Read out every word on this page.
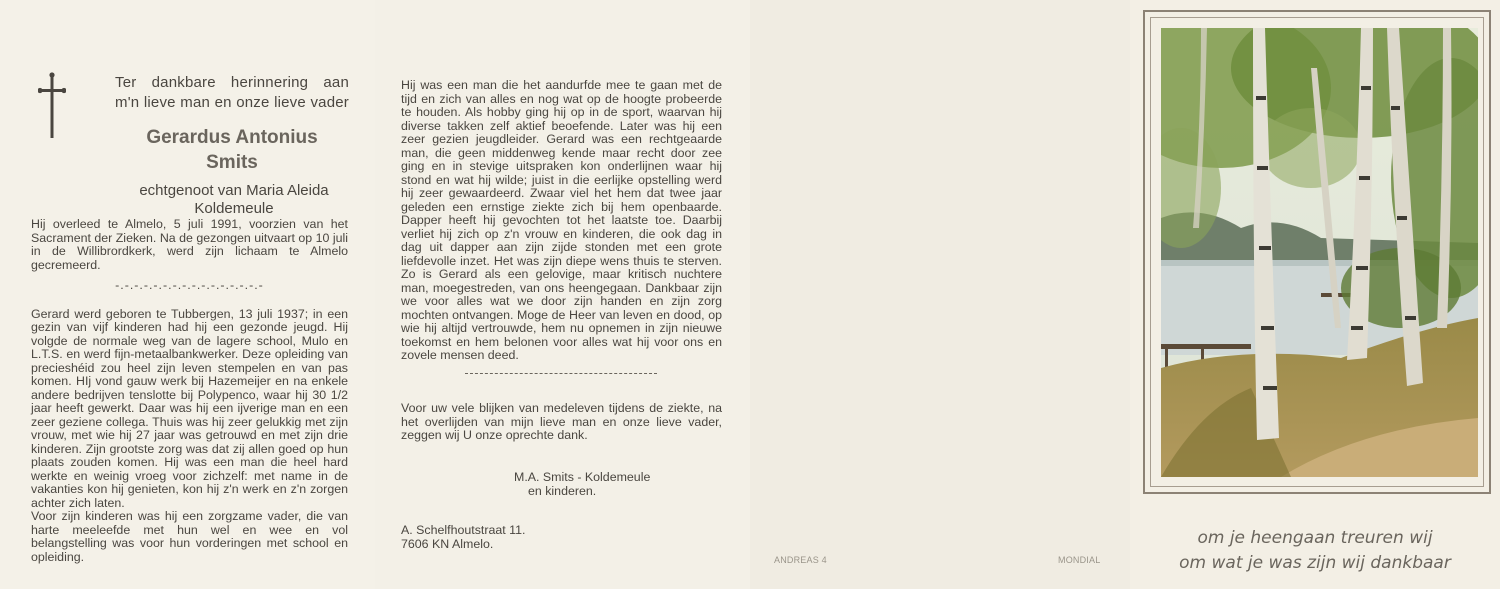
Ter dankbare herinnering aan
m'n lieve man en onze lieve vader
Gerardus Antonius
Smits
echtgenoot van Maria Aleida
Koldemeule

Hij overleed te Almelo, 5 juli 1991, voorzien van het Sacrament der Zieken. Na de gezongen uitvaart op 10 juli in de Willibrordkerk, werd zijn lichaam te Almelo gecremeerd.

-.-.-.-.-.-.-.-.-.-.-.-.-.-.-.-

Gerard werd geboren te Tubbergen, 13 juli 1937; in een gezin van vijf kinderen had hij een gezonde jeugd. Hij volgde de normale weg van de lagere school, Mulo en L.T.S. en werd fijn-metaalbankwerker. Deze opleiding van precieshéid zou heel zijn leven stempelen en van pas komen. HIj vond gauw werk bij Hazemeijer en na enkele andere bedrijven tenslotte bij Polypenco, waar hij 30 1/2 jaar heeft gewerkt. Daar was hij een ijverige man en een zeer geziene collega. Thuis was hij zeer gelukkig met zijn vrouw, met wie hij 27 jaar was getrouwd en met zijn drie kinderen. Zijn grootste zorg was dat zij allen goed op hun plaats zouden komen. Hij was een man die heel hard werkte en weinig vroeg voor zichzelf: met name in de vakanties kon hij genieten, kon hij z'n werk en z'n zorgen achter zich laten.

Voor zijn kinderen was hij een zorgzame vader, die van harte meeleefde met hun wel en wee en vol belangstelling was voor hun vorderingen met school en opleiding.

Hij was een man die het aandurfde mee te gaan met de tijd en zich van alles en nog wat op de hoogte probeerde te houden. Als hobby ging hij op in de sport, waarvan hij diverse takken zelf aktief beoefende. Later was hij een zeer gezien jeugdleider. Gerard was een rechtgeaarde man, die geen middenweg kende maar recht door zee ging en in stevige uitspraken kon onderlijnen waar hij stond en wat hij wilde; juist in die eerlijke opstelling werd hij zeer gewaardeerd. Zwaar viel het hem dat twee jaar geleden een ernstige ziekte zich bij hem openbaarde. Dapper heeft hij gevochten tot het laatste toe. Daarbij verliet hij zich op z'n vrouw en kinderen, die ook dag in dag uit dapper aan zijn zijde stonden met een grote liefdevolle inzet. Het was zijn diepe wens thuis te sterven. Zo is Gerard als een gelovige, maar kritisch nuchtere man, moegestreden, van ons heengegaan. Dankbaar zijn we voor alles wat we door zijn handen en zijn zorg mochten ontvangen. Moge de Heer van leven en dood, op wie hij altijd vertrouwde, hem nu opnemen in zijn nieuwe toekomst en hem belonen voor alles wat hij voor ons en zovele mensen deed.
Voor uw vele blijken van medeleven tijdens de ziekte, na het overlijden van mijn lieve man en onze lieve vader, zeggen wij U onze oprechte dank.
M.A. Smits - Koldemeule
en kinderen.
A. Schelfhoutstraat 11.
7606 KN Almelo.
ANDREAS 4	MONDIAL
om je heengaan treuren wij
om wat je was zijn wij dankbaar
